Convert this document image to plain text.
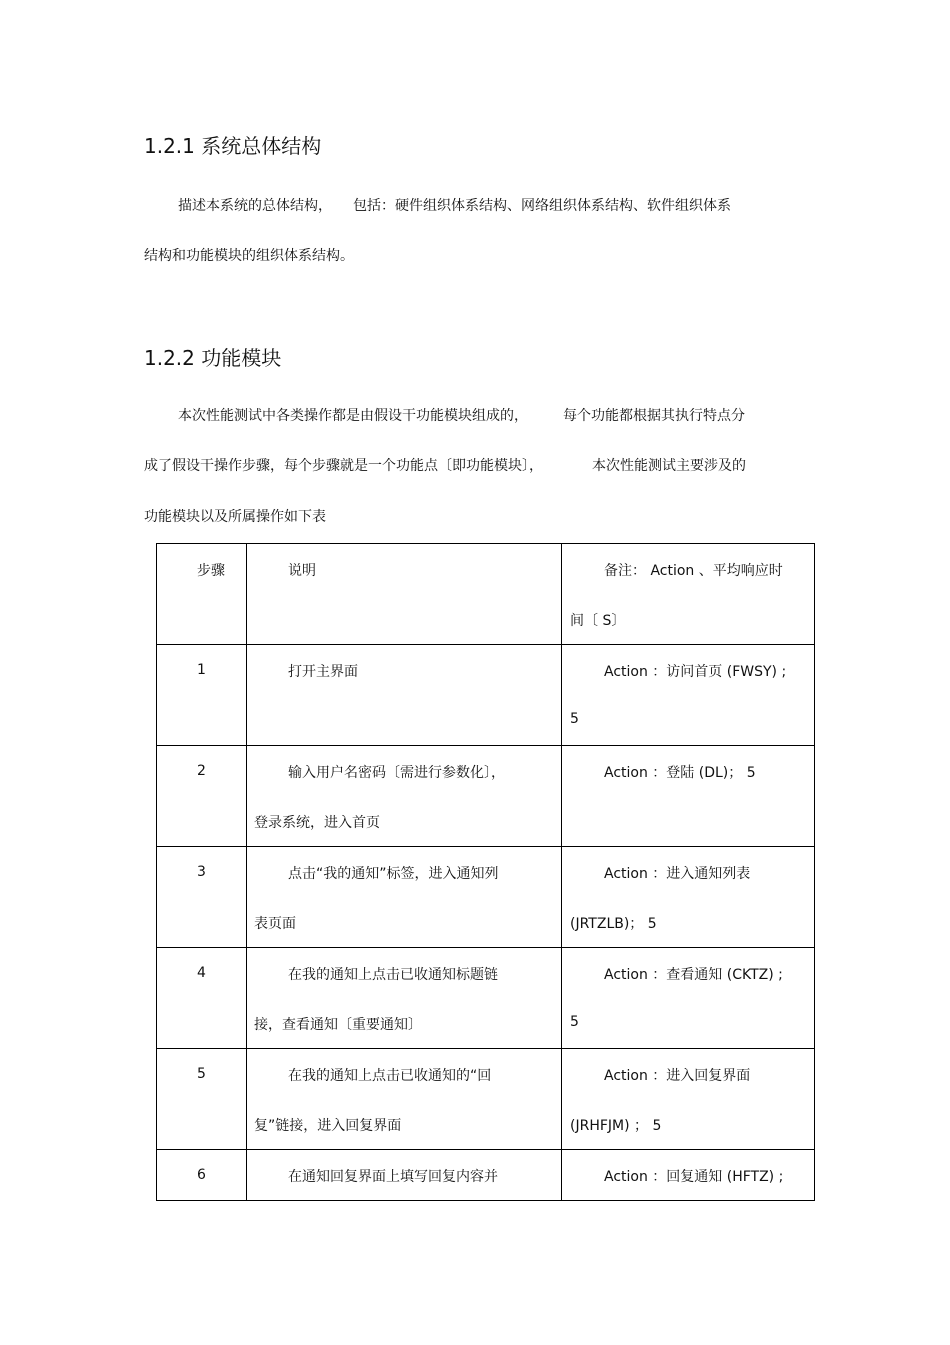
1.2.1 系统总体结构
描述本系统的总体结构，　　包括：硬件组织体系结构、网络组织体系结构、软件组织体系
结构和功能模块的组织体系结构。
1.2.2 功能模块
本次性能测试中各类操作都是由假设干功能模块组成的，　　　每个功能都根据其执行特点分
成了假设干操作步骤，每个步骤就是一个功能点〔即功能模块〕，　　　　本次性能测试主要涉及的
功能模块以及所属操作如下表
步骤	说明	备注： Action 、平均响应时
间〔 S〕

1	打开主界面	Action ：访问首页 (FWSY) ;
5

2	输入用户名密码〔需进行参数化〕，
登录系统，进入首页	Action ：登陆 (DL)； 5

3	点击“我的通知”标签，进入通知列
表页面	Action ：进入通知列表
(JRTZLB)； 5

4	在我的通知上点击已收通知标题链
接，查看通知〔重要通知〕	Action ：查看通知 (CKTZ) ;
5

5	在我的通知上点击已收通知的“回
复”链接，进入回复界面	Action ：进入回复界面
(JRHFJM) ； 5

6	在通知回复界面上填写回复内容并	Action ：回复通知 (HFTZ) ;
